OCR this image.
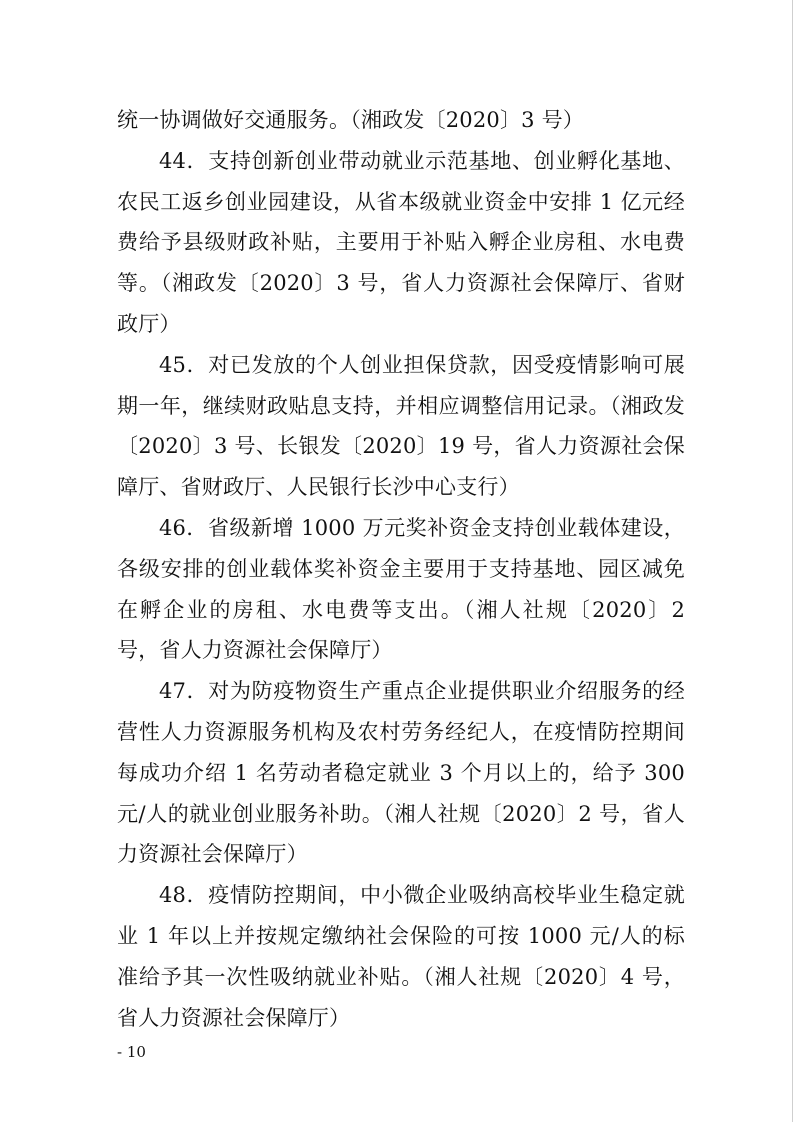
统一协调做好交通服务。（湘政发〔2020〕3 号）

44．支持创新创业带动就业示范基地、创业孵化基地、农民工返乡创业园建设，从省本级就业资金中安排 1 亿元经费给予县级财政补贴，主要用于补贴入孵企业房租、水电费等。（湘政发〔2020〕3 号，省人力资源社会保障厅、省财政厅）

45．对已发放的个人创业担保贷款，因受疫情影响可展期一年，继续财政贴息支持，并相应调整信用记录。（湘政发〔2020〕3 号、长银发〔2020〕19 号，省人力资源社会保障厅、省财政厅、人民银行长沙中心支行）

46．省级新增 1000 万元奖补资金支持创业载体建设，各级安排的创业载体奖补资金主要用于支持基地、园区减免在孵企业的房租、水电费等支出。（湘人社规〔2020〕2 号，省人力资源社会保障厅）

47．对为防疫物资生产重点企业提供职业介绍服务的经营性人力资源服务机构及农村劳务经纪人，在疫情防控期间每成功介绍 1 名劳动者稳定就业 3 个月以上的，给予 300 元/人的就业创业服务补助。（湘人社规〔2020〕2 号，省人力资源社会保障厅）

48．疫情防控期间，中小微企业吸纳高校毕业生稳定就业 1 年以上并按规定缴纳社会保险的可按 1000 元/人的标准给予其一次性吸纳就业补贴。（湘人社规〔2020〕4 号，省人力资源社会保障厅）

- 10
